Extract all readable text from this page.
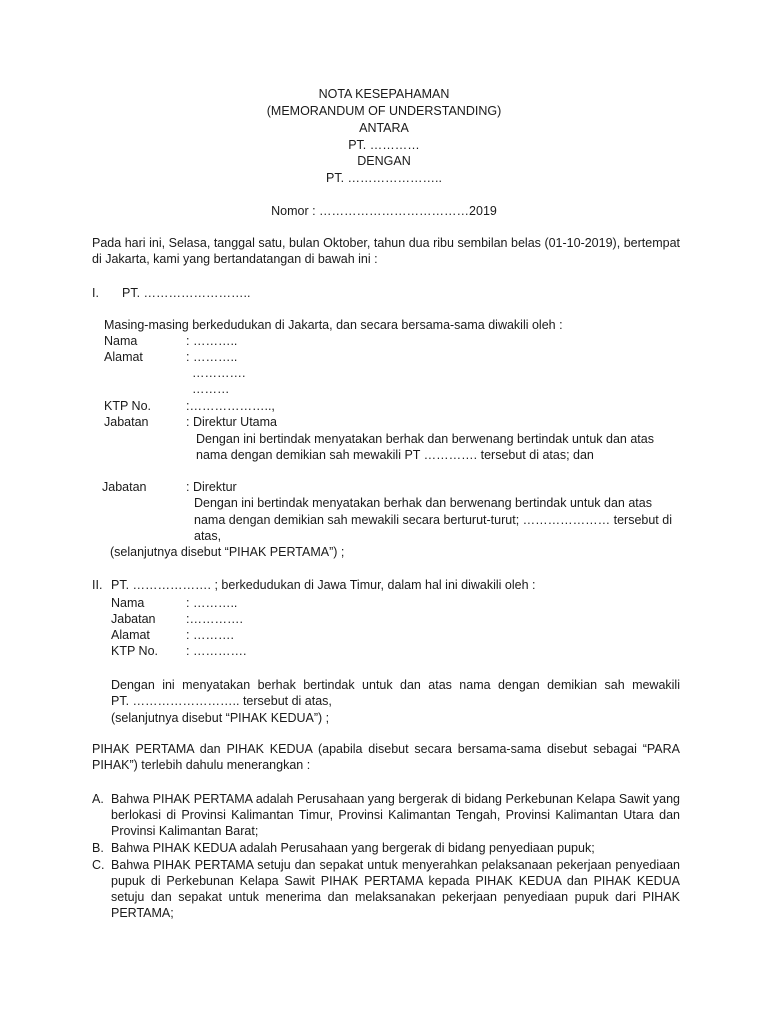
NOTA KESEPAHAMAN
(MEMORANDUM OF UNDERSTANDING)
ANTARA
PT. …………
DENGAN
PT. …………………..
Nomor : ………………………………2019
Pada hari ini, Selasa, tanggal satu, bulan Oktober, tahun dua ribu sembilan belas (01-10-2019), bertempat di Jakarta, kami yang bertandatangan di bawah ini :
I. PT. ……………………..
Masing-masing berkedudukan di Jakarta, dan secara bersama-sama diwakili oleh :
Nama	: ………..
Alamat	: ………..
………….
………
KTP No.	:………………..,
Jabatan	: Direktur Utama
Dengan ini bertindak menyatakan berhak dan berwenang bertindak untuk dan atas
nama dengan demikian sah mewakili PT …………. tersebut di atas; dan
Jabatan	: Direktur
Dengan ini bertindak menyatakan berhak dan berwenang bertindak untuk dan atas
nama dengan demikian sah mewakili secara berturut-turut; ………………… tersebut di
atas,
(selanjutnya disebut “PIHAK PERTAMA”) ;
II. PT. ………………. ; berkedudukan di Jawa Timur, dalam hal ini diwakili oleh :
Nama	: ………..
Jabatan :………….
Alamat	: ……….
KTP No. : ………….
Dengan ini menyatakan berhak bertindak untuk dan atas nama dengan demikian sah mewakili
PT. …………………….. tersebut di atas,
(selanjutnya disebut “PIHAK KEDUA”) ;
PIHAK PERTAMA dan PIHAK KEDUA (apabila disebut secara bersama-sama disebut sebagai “PARA PIHAK”) terlebih dahulu menerangkan :
A. Bahwa PIHAK PERTAMA adalah Perusahaan yang bergerak di bidang Perkebunan Kelapa Sawit yang berlokasi di Provinsi Kalimantan Timur, Provinsi Kalimantan Tengah, Provinsi Kalimantan Utara dan Provinsi Kalimantan Barat;
B. Bahwa PIHAK KEDUA adalah Perusahaan yang bergerak di bidang penyediaan pupuk;
C. Bahwa PIHAK PERTAMA setuju dan sepakat untuk menyerahkan pelaksanaan pekerjaan penyediaan pupuk di Perkebunan Kelapa Sawit PIHAK PERTAMA kepada PIHAK KEDUA dan PIHAK KEDUA setuju dan sepakat untuk menerima dan melaksanakan pekerjaan penyediaan pupuk dari PIHAK PERTAMA;
